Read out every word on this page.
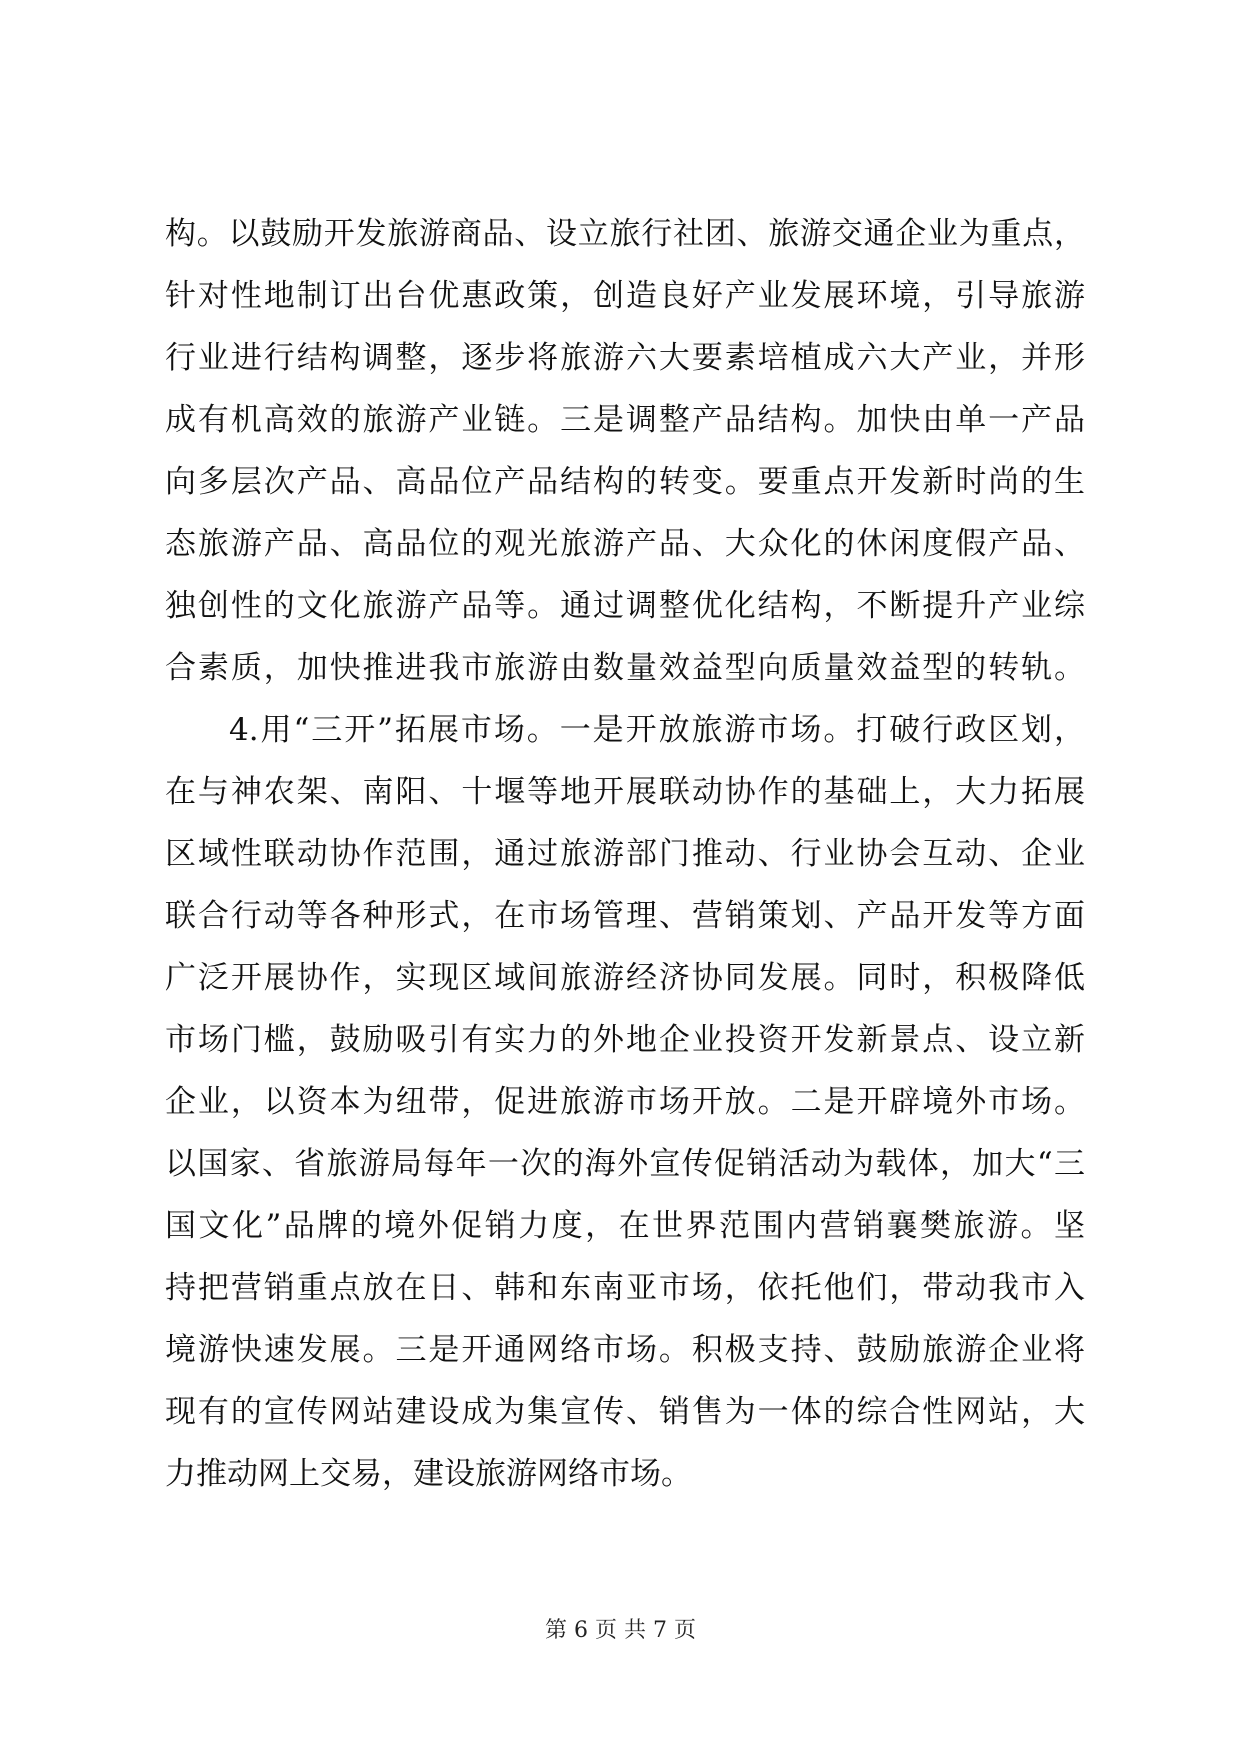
构。以鼓励开发旅游商品、设立旅行社团、旅游交通企业为重点，
针对性地制订出台优惠政策，创造良好产业发展环境，引导旅游
行业进行结构调整，逐步将旅游六大要素培植成六大产业，并形
成有机高效的旅游产业链。三是调整产品结构。加快由单一产品
向多层次产品、高品位产品结构的转变。要重点开发新时尚的生
态旅游产品、高品位的观光旅游产品、大众化的休闲度假产品、
独创性的文化旅游产品等。通过调整优化结构，不断提升产业综
合素质，加快推进我市旅游由数量效益型向质量效益型的转轨。
4.用“三开”拓展市场。一是开放旅游市场。打破行政区划，
在与神农架、南阳、十堰等地开展联动协作的基础上，大力拓展
区域性联动协作范围，通过旅游部门推动、行业协会互动、企业
联合行动等各种形式，在市场管理、营销策划、产品开发等方面
广泛开展协作，实现区域间旅游经济协同发展。同时，积极降低
市场门槛，鼓励吸引有实力的外地企业投资开发新景点、设立新
企业，以资本为纽带，促进旅游市场开放。二是开辟境外市场。
以国家、省旅游局每年一次的海外宣传促销活动为载体，加大“三
国文化”品牌的境外促销力度，在世界范围内营销襄樊旅游。坚
持把营销重点放在日、韩和东南亚市场，依托他们，带动我市入
境游快速发展。三是开通网络市场。积极支持、鼓励旅游企业将
现有的宣传网站建设成为集宣传、销售为一体的综合性网站，大
力推动网上交易，建设旅游网络市场。
第 6 页 共 7 页
